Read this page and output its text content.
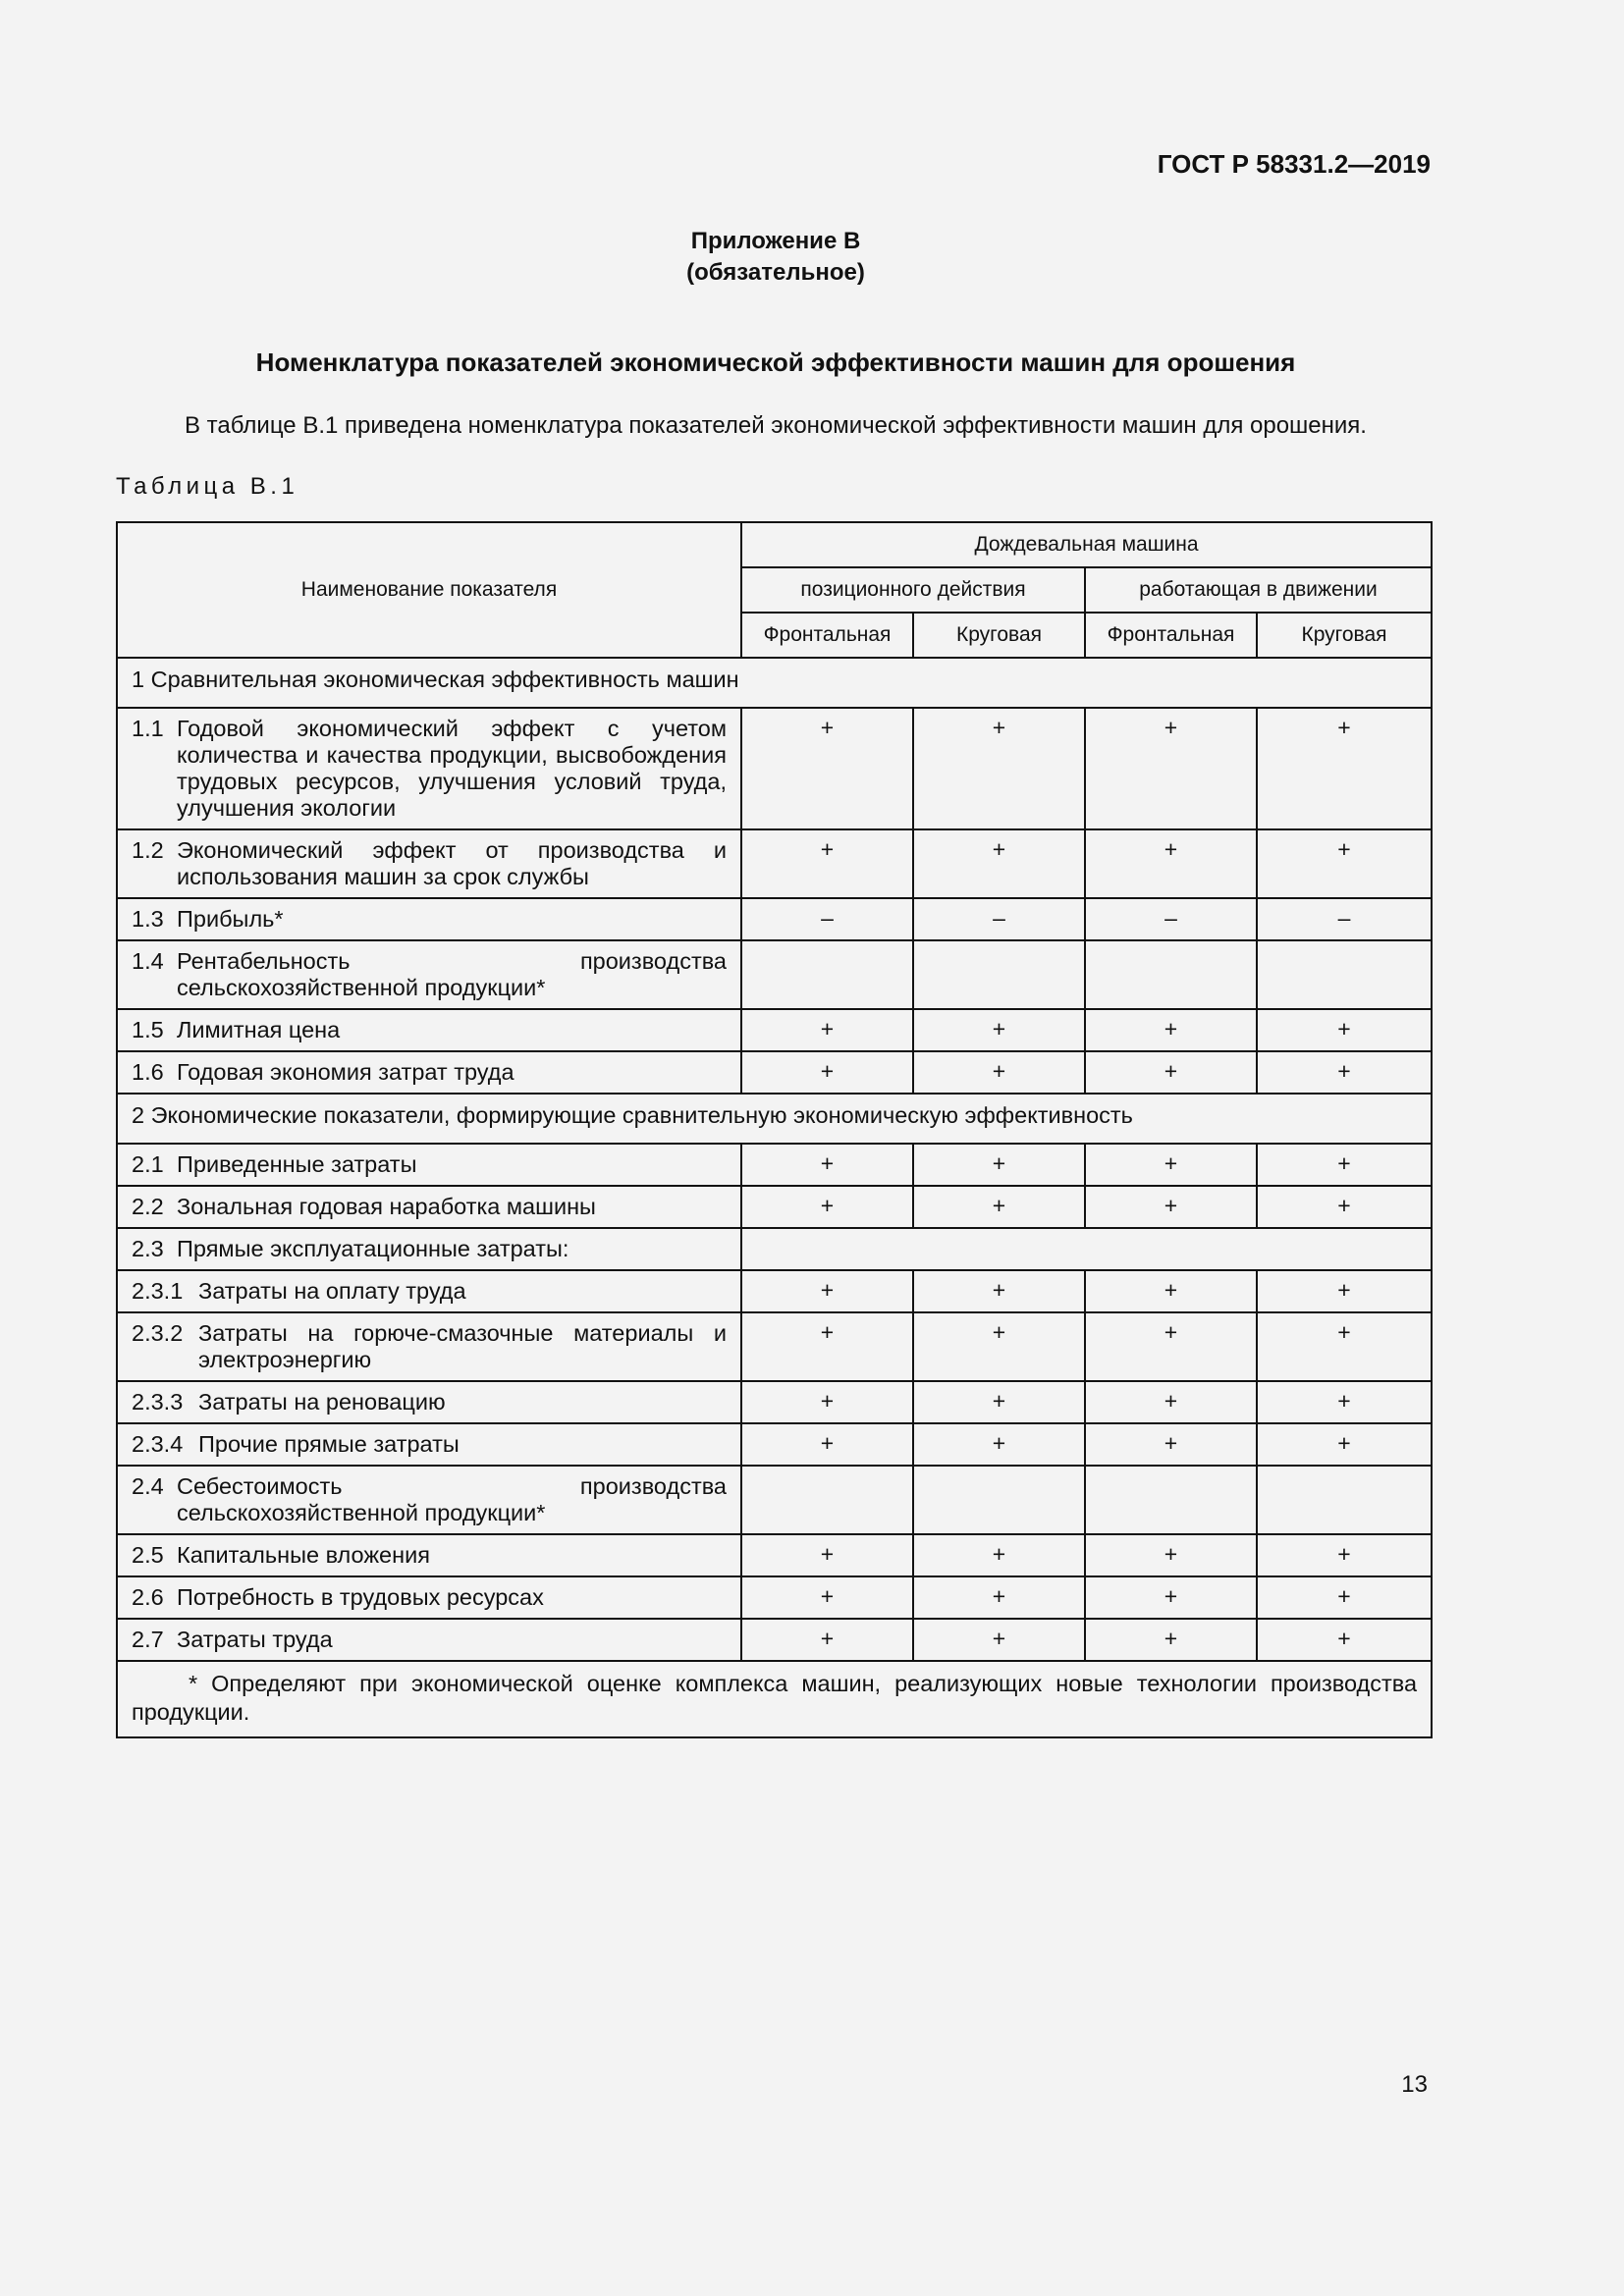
ГОСТ Р 58331.2—2019
Приложение В
(обязательное)
Номенклатура показателей экономической эффективности машин для орошения
В таблице В.1 приведена номенклатура показателей экономической эффективности машин для орошения.
Таблица В.1
Наименование показателя	Дождевальная машина			
	позиционного действия		работающая в движении	
	Фронтальная	Круговая	Фронтальная	Круговая
1 Сравнительная экономическая эффективность машин				

1.1 Годовой экономический эффект с учетом количества и качества продукции, высвобождения трудовых ресурсов, улучшения условий труда, улучшения экологии	+	+	+	+

1.2 Экономический эффект от производства и использования машин за срок службы	+	+	+	+

1.3 Прибыль*	–	–	–	–

1.4 Рентабельность производства сельскохозяйственной продукции*				

1.5 Лимитная цена	+	+	+	+

1.6 Годовая экономия затрат труда	+	+	+	+
2 Экономические показатели, формирующие сравнительную экономическую эффективность				

2.1 Приведенные затраты	+	+	+	+

2.2 Зональная годовая наработка машины	+	+	+	+

2.3 Прямые эксплуатационные затраты:				

2.3.1 Затраты на оплату труда	+	+	+	+

2.3.2 Затраты на горюче-смазочные материалы и электроэнергию	+	+	+	+

2.3.3 Затраты на реновацию	+	+	+	+

2.3.4 Прочие прямые затраты	+	+	+	+

2.4 Себестоимость производства сельскохозяйственной продукции*				

2.5 Капитальные вложения	+	+	+	+

2.6 Потребность в трудовых ресурсах	+	+	+	+

2.7 Затраты труда	+	+	+	+
* Определяют при экономической оценке комплекса машин, реализующих новые технологии производства продукции.				
13
